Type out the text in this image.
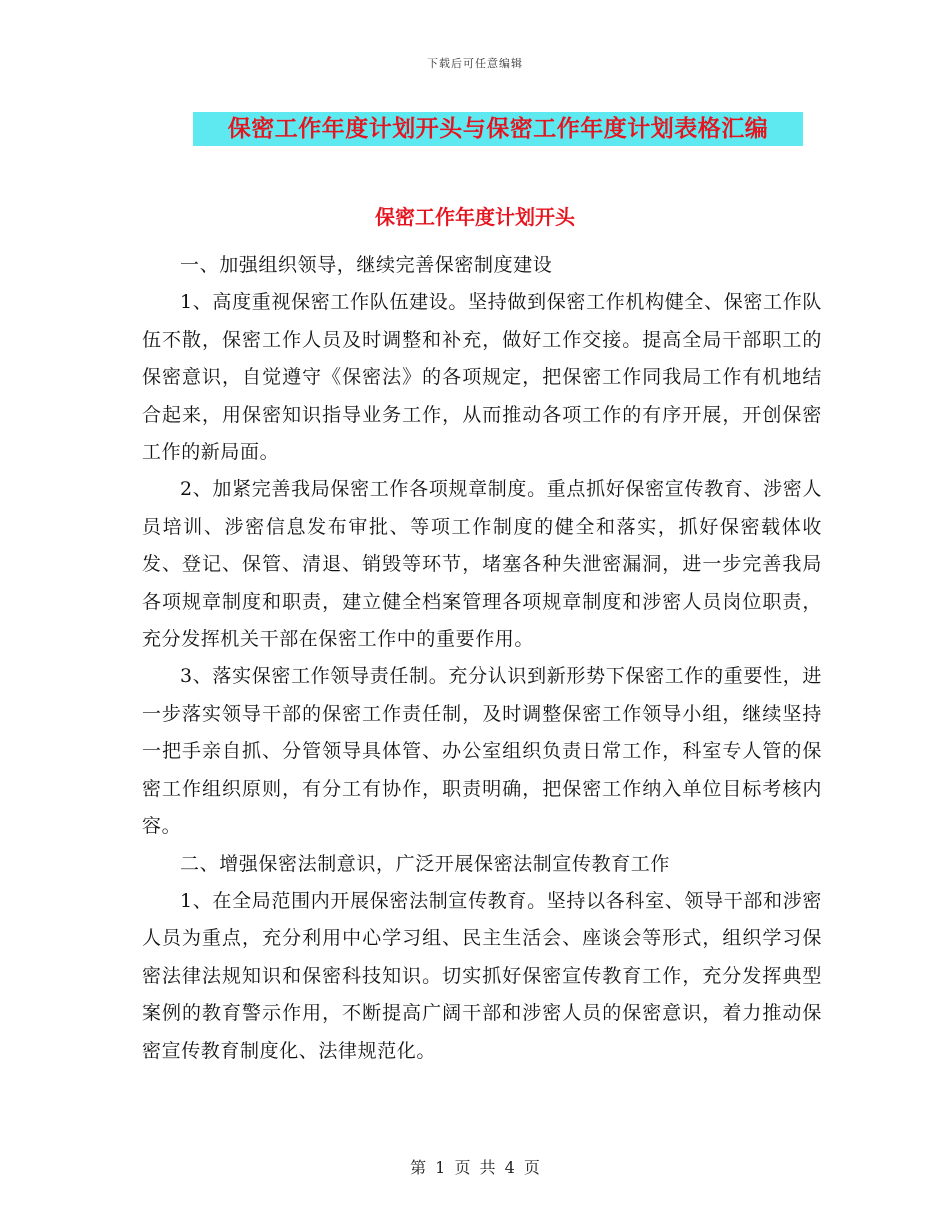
下载后可任意编辑
保密工作年度计划开头与保密工作年度计划表格汇编
保密工作年度计划开头

一、加强组织领导，继续完善保密制度建设

1、高度重视保密工作队伍建设。坚持做到保密工作机构健全、保密工作队伍不散，保密工作人员及时调整和补充，做好工作交接。提高全局干部职工的保密意识，自觉遵守《保密法》的各项规定，把保密工作同我局工作有机地结合起来，用保密知识指导业务工作，从而推动各项工作的有序开展，开创保密工作的新局面。

2、加紧完善我局保密工作各项规章制度。重点抓好保密宣传教育、涉密人员培训、涉密信息发布审批、等项工作制度的健全和落实，抓好保密载体收发、登记、保管、清退、销毁等环节，堵塞各种失泄密漏洞，进一步完善我局各项规章制度和职责，建立健全档案管理各项规章制度和涉密人员岗位职责，充分发挥机关干部在保密工作中的重要作用。

3、落实保密工作领导责任制。充分认识到新形势下保密工作的重要性，进一步落实领导干部的保密工作责任制，及时调整保密工作领导小组，继续坚持一把手亲自抓、分管领导具体管、办公室组织负责日常工作，科室专人管的保密工作组织原则，有分工有协作，职责明确，把保密工作纳入单位目标考核内容。

二、增强保密法制意识，广泛开展保密法制宣传教育工作

1、在全局范围内开展保密法制宣传教育。坚持以各科室、领导干部和涉密人员为重点，充分利用中心学习组、民主生活会、座谈会等形式，组织学习保密法律法规知识和保密科技知识。切实抓好保密宣传教育工作，充分发挥典型案例的教育警示作用，不断提高广阔干部和涉密人员的保密意识，着力推动保密宣传教育制度化、法律规范化。

第 1 页 共 4 页
